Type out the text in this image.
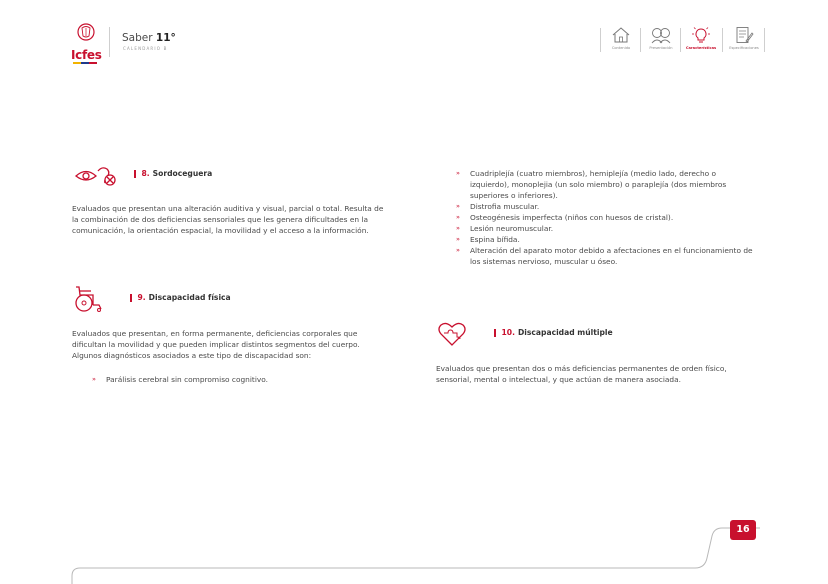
Icfes
Saber 11°
CALENDARIO B	Contenido	Presentación	Características	Especificaciones
8. Sordoceguera

Evaluados que presentan una alteración auditiva y visual, parcial o total. Resulta de la combinación de dos deficiencias sensoriales que les genera dificultades en la comunicación, la orientación espacial, la movilidad y el acceso a la información.

9. Discapacidad física

Evaluados que presentan, en forma permanente, deficiencias corporales que dificultan la movilidad y que pueden implicar distintos segmentos del cuerpo. Algunos diagnósticos asociados a este tipo de discapacidad son:

» Parálisis cerebral sin compromiso cognitivo.
» Cuadriplejía (cuatro miembros), hemiplejía (medio lado, derecho o izquierdo), monoplejia (un solo miembro) o paraplejía (dos miembros superiores o inferiores).
» Distrofia muscular.
» Osteogénesis imperfecta (niños con huesos de cristal).
» Lesión neuromuscular.
» Espina bífida.
» Alteración del aparato motor debido a afectaciones en el funcionamiento de los sistemas nervioso, muscular u óseo.
10. Discapacidad múltiple

Evaluados que presentan dos o más deficiencias permanentes de orden físico, sensorial, mental o intelectual, y que actúan de manera asociada.

16
